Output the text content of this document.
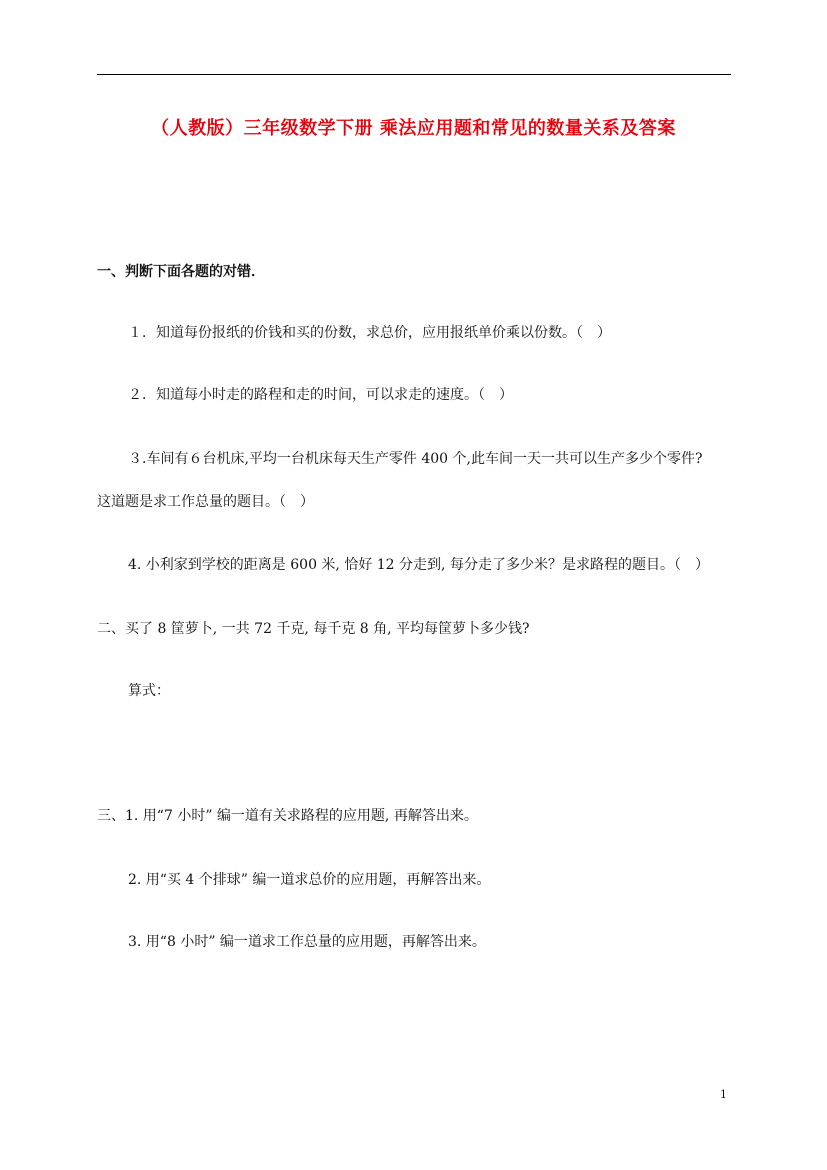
（人教版）三年级数学下册 乘法应用题和常见的数量关系及答案
一、判断下面各题的对错．
１．知道每份报纸的价钱和买的份数，求总价，应用报纸单价乘以份数。（　）
２．知道每小时走的路程和走的时间，可以求走的速度。（　）
３.车间有６台机床,平均一台机床每天生产零件 400 个,此车间一天一共可以生产多少个零件?
这道题是求工作总量的题目。（　）
4. 小利家到学校的距离是 600 米, 恰好 12 分走到, 每分走了多少米？是求路程的题目。（　）
二、买了 8 筐萝卜, 一共 72 千克, 每千克 8 角, 平均每筐萝卜多少钱?
算式：
三、1. 用“7 小时” 编一道有关求路程的应用题, 再解答出来。
2. 用“买 4 个排球” 编一道求总价的应用题，再解答出来。
3. 用“8 小时” 编一道求工作总量的应用题，再解答出来。
1
